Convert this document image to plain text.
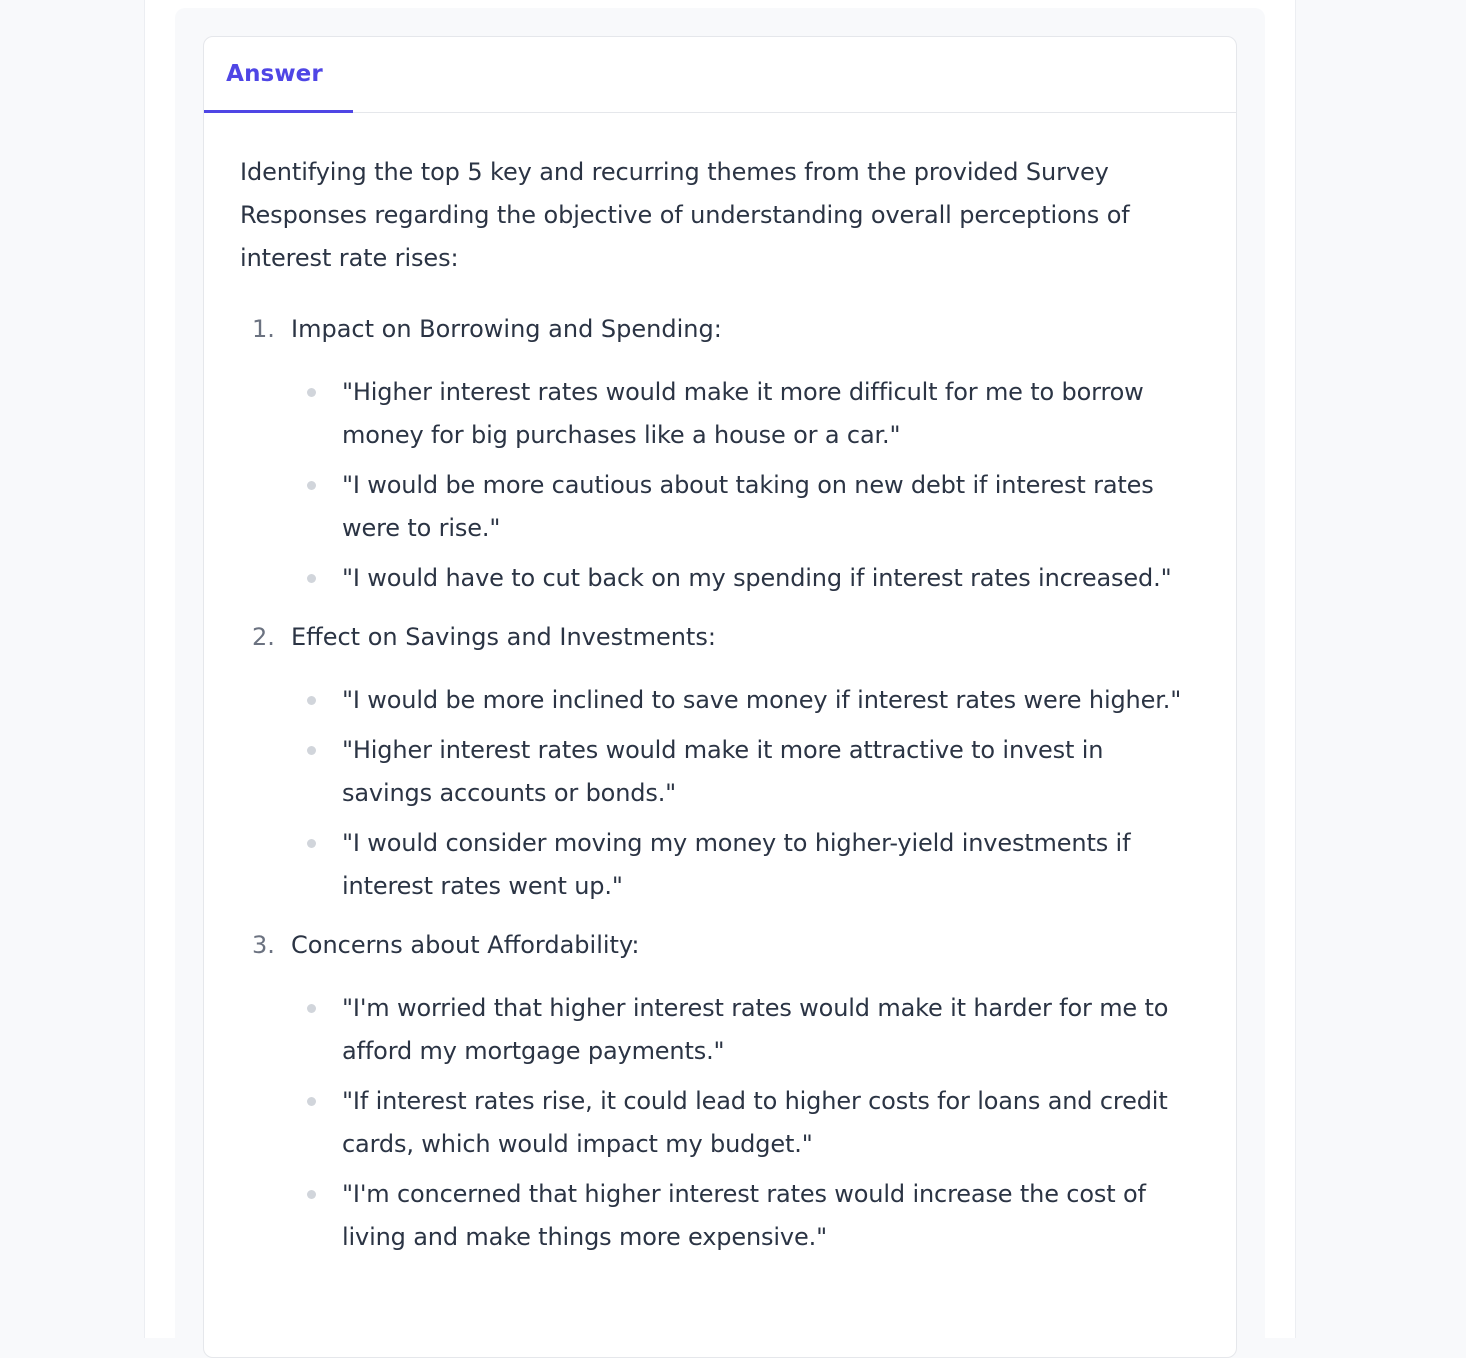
Answer

Identifying the top 5 key and recurring themes from the provided Survey Responses regarding the objective of understanding overall perceptions of interest rate rises:

1. Impact on Borrowing and Spending:
"Higher interest rates would make it more difficult for me to borrow money for big purchases like a house or a car."
"I would be more cautious about taking on new debt if interest rates were to rise."
"I would have to cut back on my spending if interest rates increased."
2. Effect on Savings and Investments:
"I would be more inclined to save money if interest rates were higher."
"Higher interest rates would make it more attractive to invest in savings accounts or bonds."
"I would consider moving my money to higher-yield investments if interest rates went up."
3. Concerns about Affordability:
"I'm worried that higher interest rates would make it harder for me to afford my mortgage payments."
"If interest rates rise, it could lead to higher costs for loans and credit cards, which would impact my budget."
"I'm concerned that higher interest rates would increase the cost of living and make things more expensive."
